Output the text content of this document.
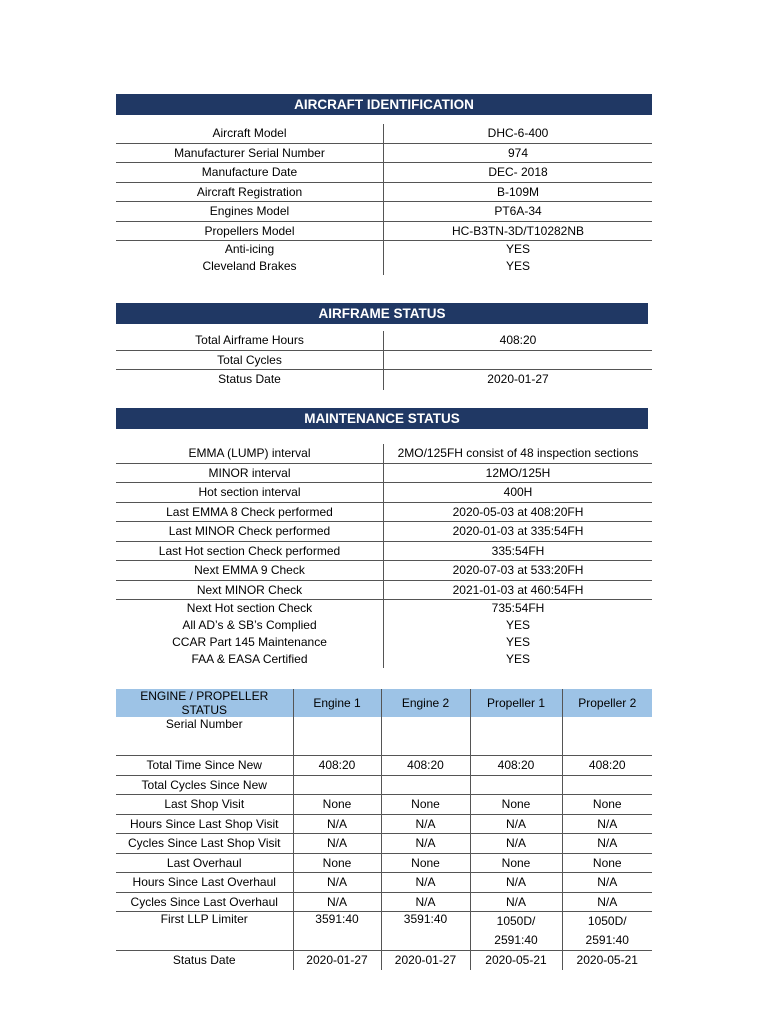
AIRCRAFT IDENTIFICATION
Aircraft Model	DHC-6-400
Manufacturer Serial Number	974
Manufacture Date	DEC- 2018
Aircraft Registration	B-109M
Engines Model	PT6A-34
Propellers Model	HC-B3TN-3D/T10282NB
Anti-icing	YES
Cleveland Brakes	YES
AIRFRAME STATUS
Total Airframe Hours	408:20
Total Cycles
Status Date	2020-01-27
MAINTENANCE STATUS
EMMA (LUMP) interval	2MO/125FH consist of 48 inspection sections
MINOR interval	12MO/125H
Hot section interval	400H
Last EMMA 8 Check performed	2020-05-03 at 408:20FH
Last MINOR Check performed	2020-01-03 at 335:54FH
Last Hot section Check performed	335:54FH
Next EMMA 9 Check	2020-07-03 at 533:20FH
Next MINOR Check	2021-01-03 at 460:54FH
Next Hot section Check	735:54FH
All AD’s & SB’s Complied	YES
CCAR Part 145 Maintenance	YES
FAA & EASA Certified	YES
ENGINE / PROPELLER STATUS	Engine 1	Engine 2	Propeller 1	Propeller 2
Serial Number				
Total Time Since New	408:20	408:20	408:20	408:20
Total Cycles Since New				
Last Shop Visit	None	None	None	None
Hours Since Last Shop Visit	N/A	N/A	N/A	N/A
Cycles Since Last Shop Visit	N/A	N/A	N/A	N/A
Last Overhaul	None	None	None	None
Hours Since Last Overhaul	N/A	N/A	N/A	N/A
Cycles Since Last Overhaul	N/A	N/A	N/A	N/A
First LLP Limiter	3591:40	3591:40	1050D/ 2591:40	1050D/ 2591:40
Status Date	2020-01-27	2020-01-27	2020-05-21	2020-05-21
